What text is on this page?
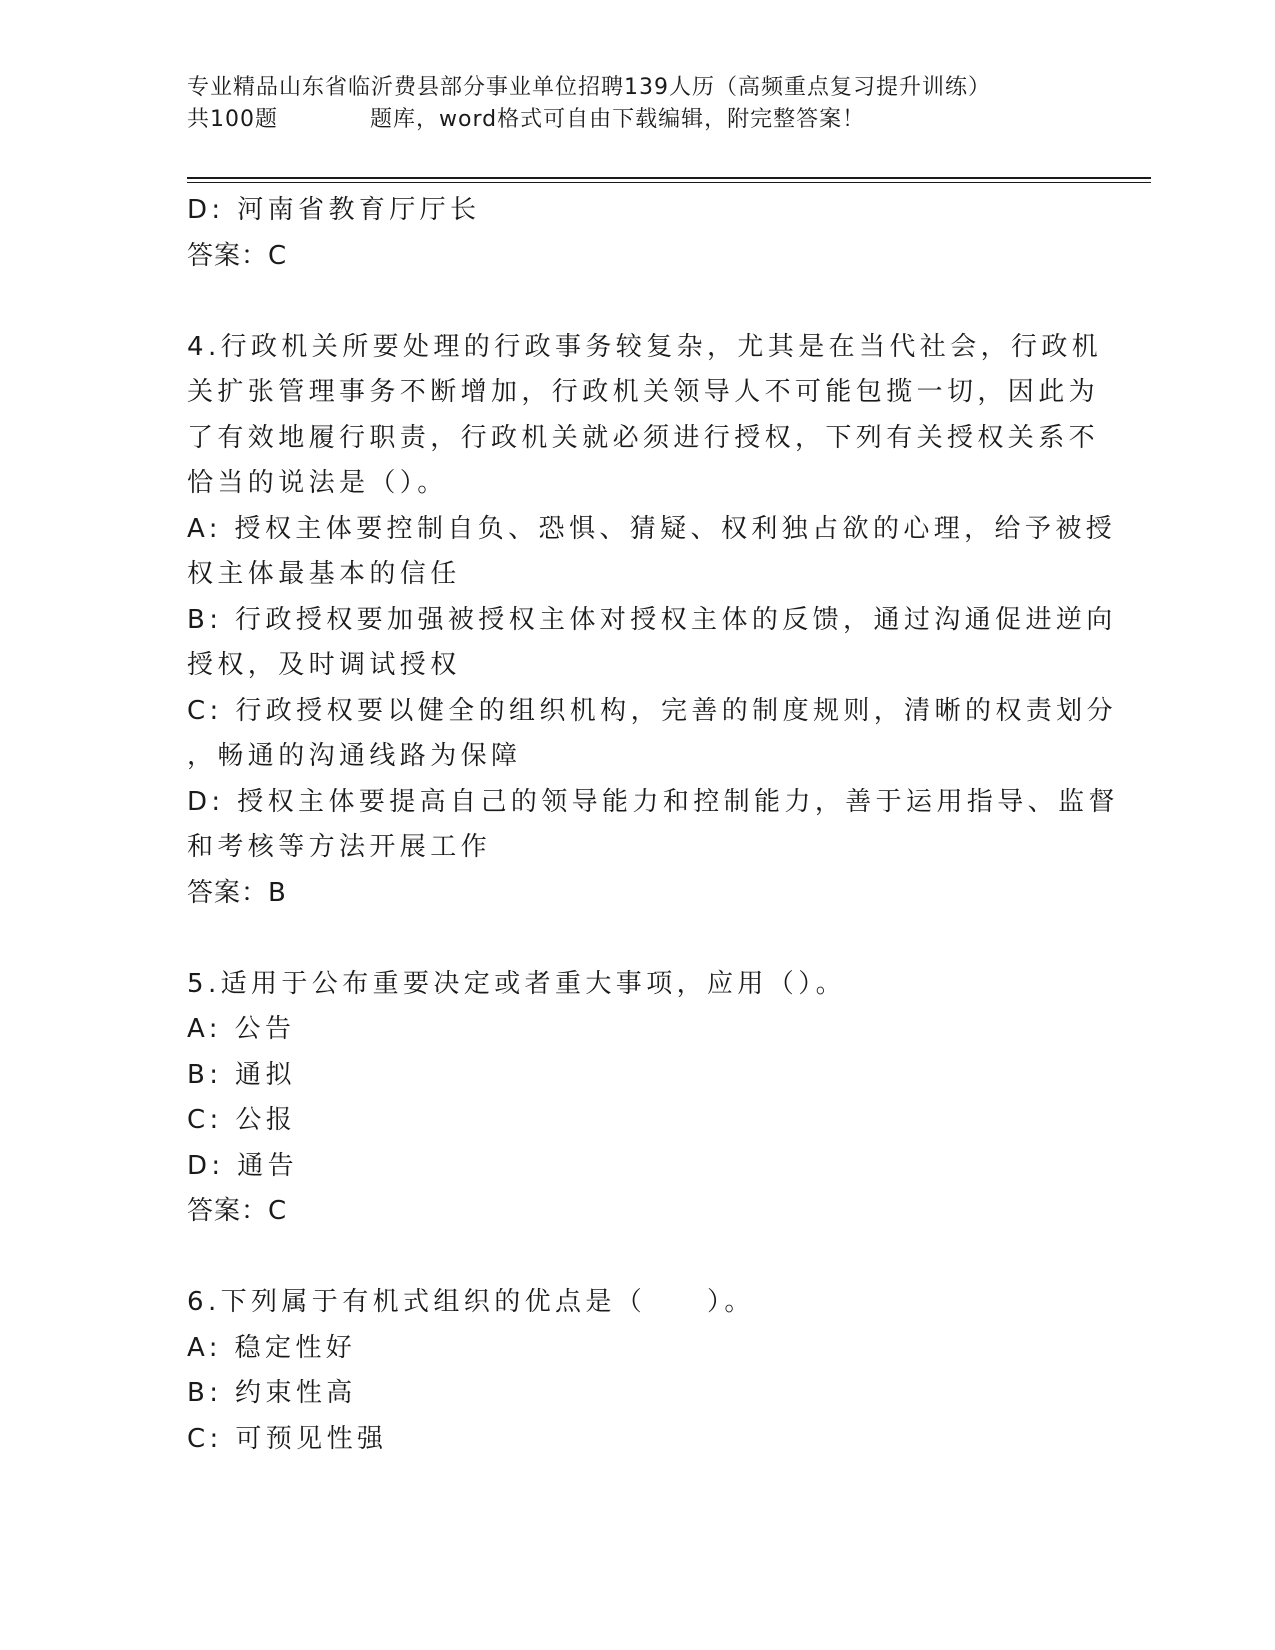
专业精品山东省临沂费县部分事业单位招聘139人历（高频重点复习提升训练）
共100题	题库，word格式可自由下载编辑，附完整答案！
D: 河南省教育厅厅长
答案：C
4.行政机关所要处理的行政事务较复杂，尤其是在当代社会，行政机
关扩张管理事务不断增加，行政机关领导人不可能包揽一切，因此为
了有效地履行职责，行政机关就必须进行授权，下列有关授权关系不
恰当的说法是（）。
A: 授权主体要控制自负、恐惧、猜疑、权利独占欲的心理，给予被授
权主体最基本的信任
B: 行政授权要加强被授权主体对授权主体的反馈，通过沟通促进逆向
授权，及时调试授权
C: 行政授权要以健全的组织机构，完善的制度规则，清晰的权责划分
，畅通的沟通线路为保障
D: 授权主体要提高自己的领导能力和控制能力，善于运用指导、监督
和考核等方法开展工作
答案：B
5.适用于公布重要决定或者重大事项，应用（）。
A: 公告
B: 通拟
C: 公报
D: 通告
答案：C
6.下列属于有机式组织的优点是（　　）。
A: 稳定性好
B: 约束性高
C: 可预见性强
